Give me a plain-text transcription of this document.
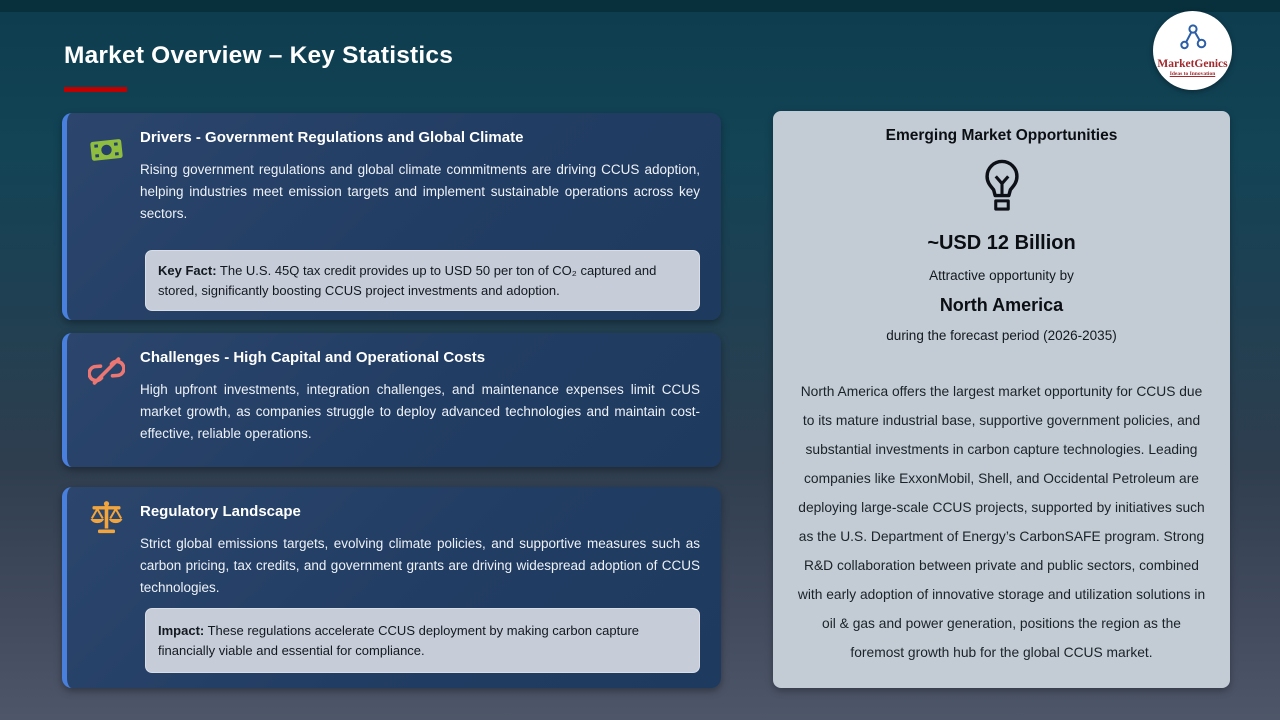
Market Overview – Key Statistics	MarketGenics
Ideas to Innovation
Drivers - Government Regulations and Global Climate
Rising government regulations and global climate commitments are driving CCUS adoption, helping industries meet emission targets and implement sustainable operations across key sectors.
Key Fact: The U.S. 45Q tax credit provides up to USD 50 per ton of CO₂ captured and stored, significantly boosting CCUS project investments and adoption.
Challenges - High Capital and Operational Costs
High upfront investments, integration challenges, and maintenance expenses limit CCUS market growth, as companies struggle to deploy advanced technologies and maintain cost-effective, reliable operations.
Regulatory Landscape
Strict global emissions targets, evolving climate policies, and supportive measures such as carbon pricing, tax credits, and government grants are driving widespread adoption of CCUS technologies.
Impact: These regulations accelerate CCUS deployment by making carbon capture financially viable and essential for compliance.
Emerging Market Opportunities
~USD 12 Billion
Attractive opportunity by
North America
during the forecast period (2026-2035)
North America offers the largest market opportunity for CCUS due to its mature industrial base, supportive government policies, and substantial investments in carbon capture technologies. Leading companies like ExxonMobil, Shell, and Occidental Petroleum are deploying large-scale CCUS projects, supported by initiatives such as the U.S. Department of Energy’s CarbonSAFE program. Strong R&D collaboration between private and public sectors, combined with early adoption of innovative storage and utilization solutions in oil & gas and power generation, positions the region as the foremost growth hub for the global CCUS market.
